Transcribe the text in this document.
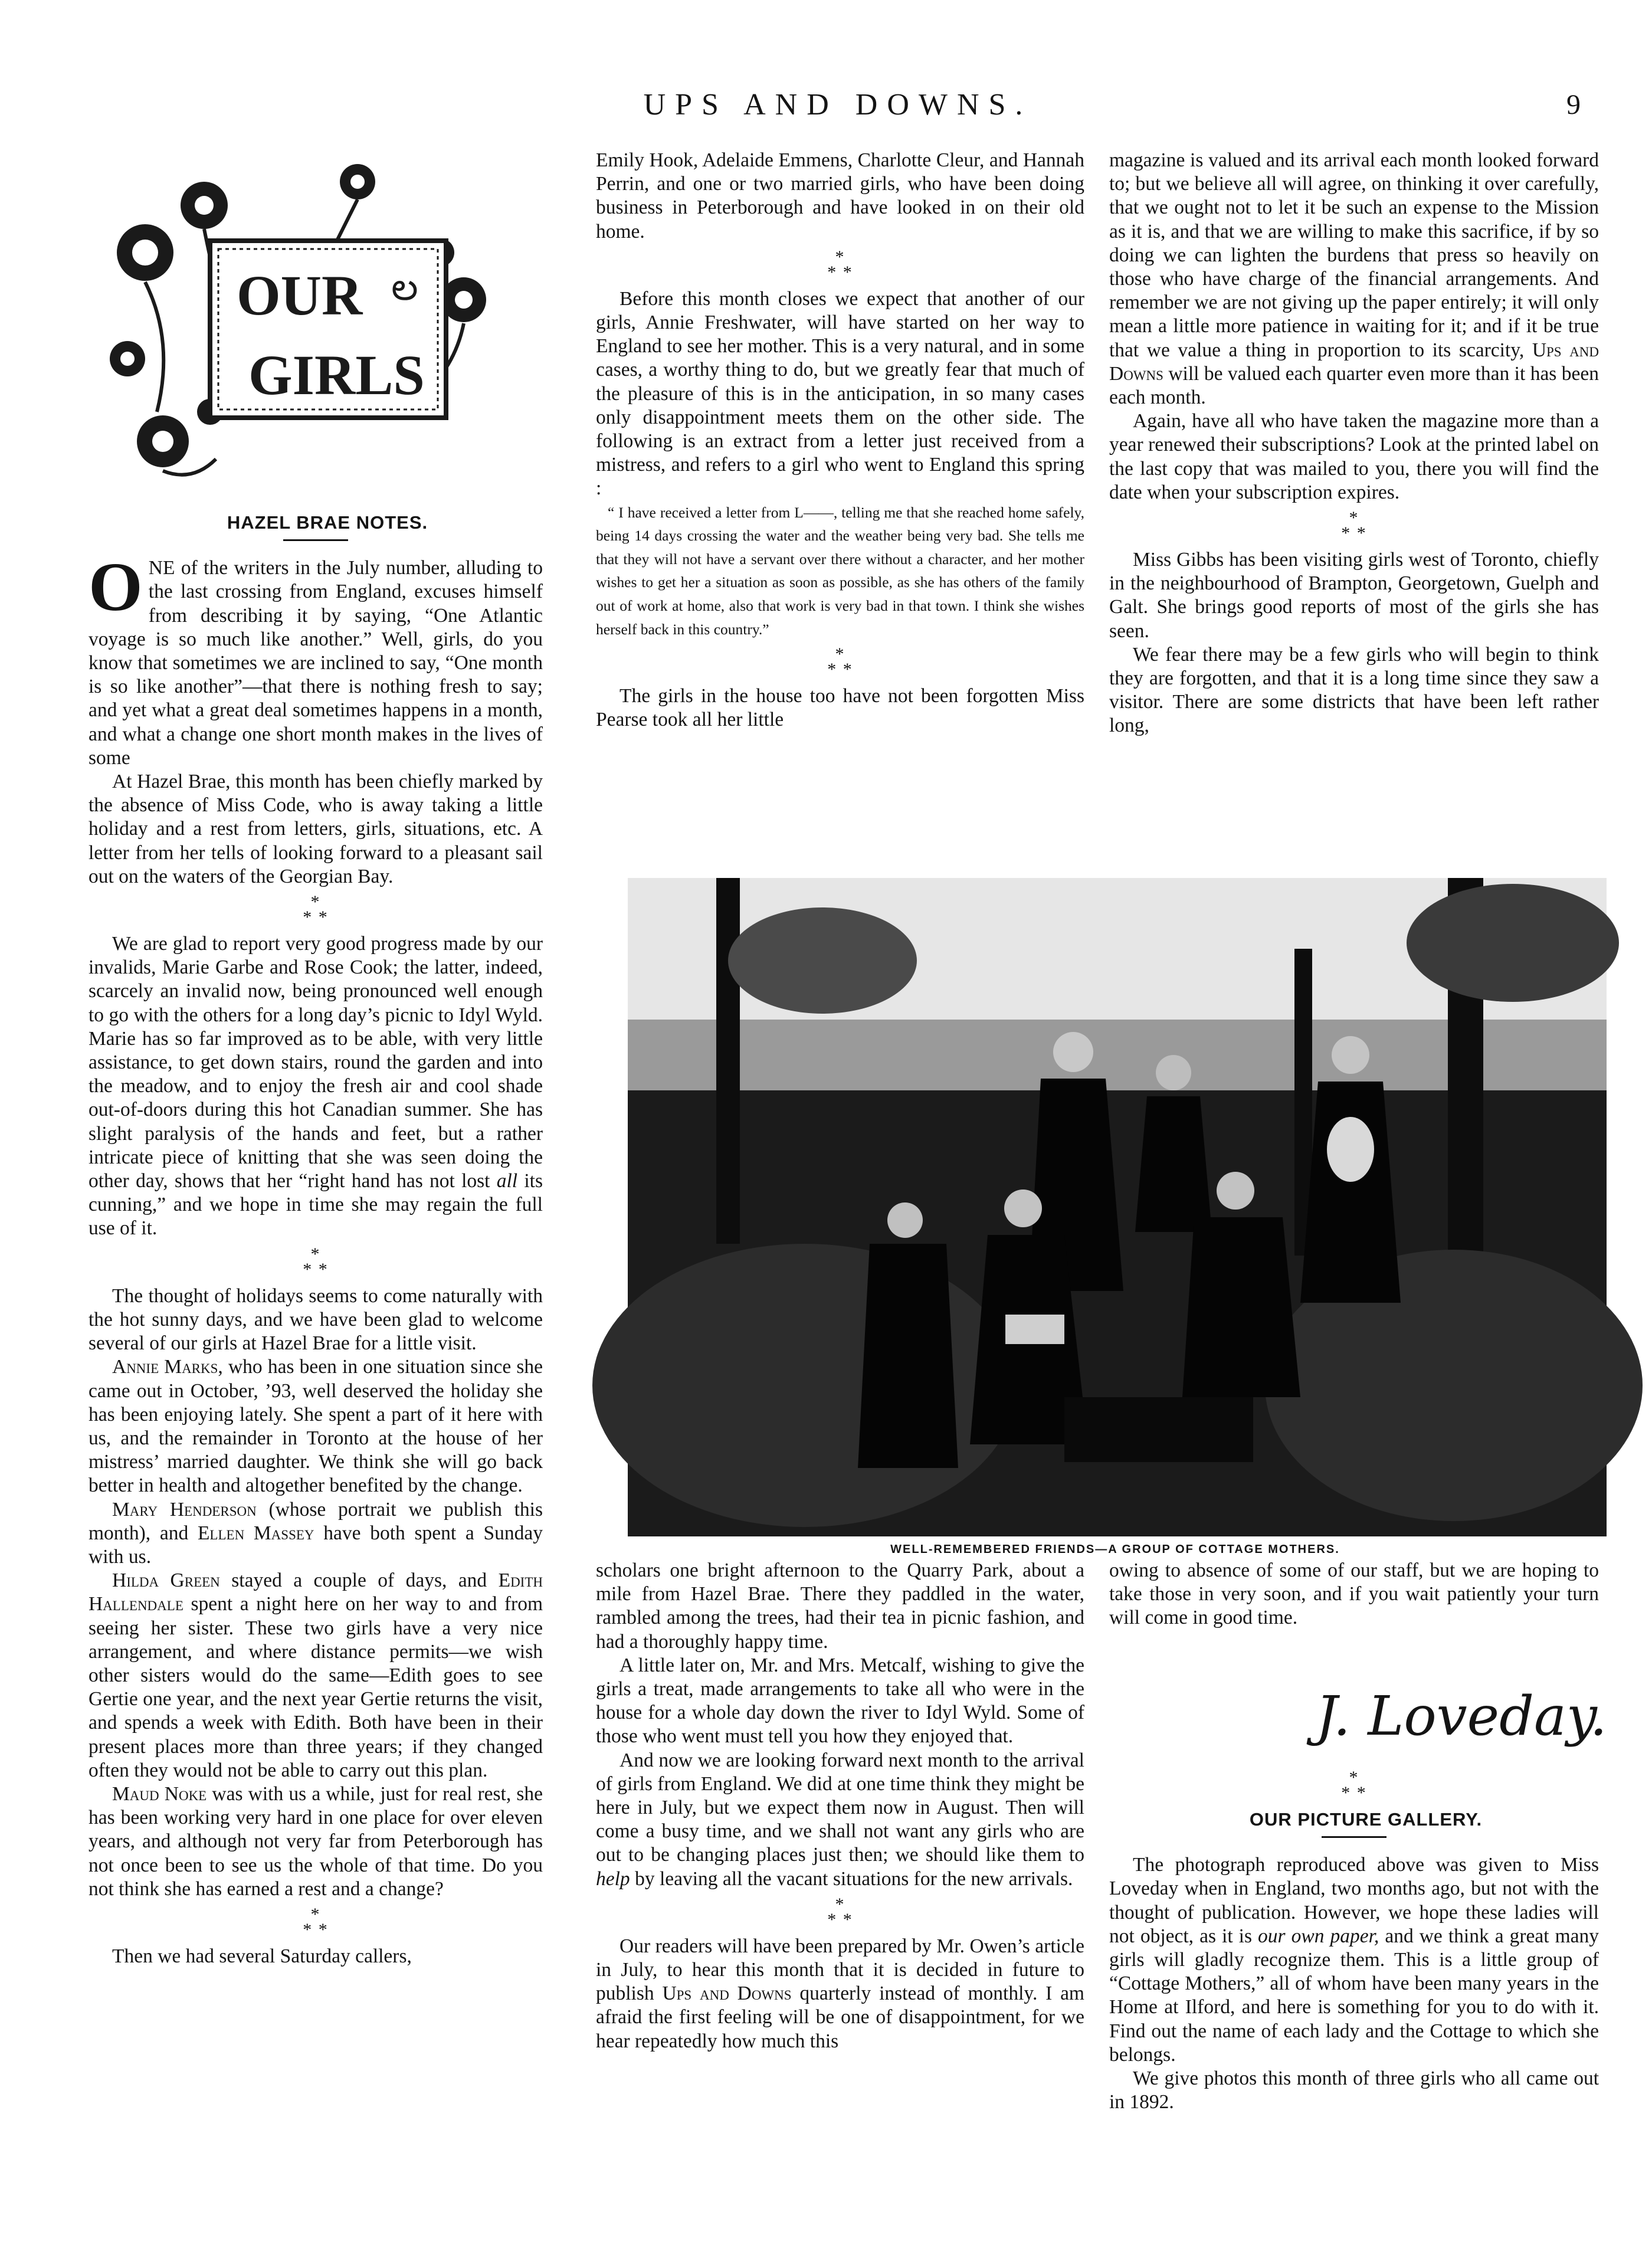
UPS AND DOWNS.	9
OUR ల
GIRLS

HAZEL BRAE NOTES.

ONE of the writers in the July number, alluding to the last crossing from England, excuses himself from describing it by saying, “One Atlantic voyage is so much like another.” Well, girls, do you know that sometimes we are inclined to say, “One month is so like another”—that there is nothing fresh to say; and yet what a great deal sometimes happens in a month, and what a change one short month makes in the lives of some

At Hazel Brae, this month has been chiefly marked by the absence of Miss Code, who is away taking a little holiday and a rest from letters, girls, situations, etc. A letter from her tells of looking forward to a pleasant sail out on the waters of the Georgian Bay.

*
* *

We are glad to report very good progress made by our invalids, Marie Garbe and Rose Cook; the latter, indeed, scarcely an invalid now, being pronounced well enough to go with the others for a long day’s picnic to Idyl Wyld. Marie has so far improved as to be able, with very little assistance, to get down stairs, round the garden and into the meadow, and to enjoy the fresh air and cool shade out-of-doors during this hot Canadian summer. She has slight paralysis of the hands and feet, but a rather intricate piece of knitting that she was seen doing the other day, shows that her “right hand has not lost all its cunning,” and we hope in time she may regain the full use of it.

*
* *

The thought of holidays seems to come naturally with the hot sunny days, and we have been glad to welcome several of our girls at Hazel Brae for a little visit.

Annie Marks, who has been in one situation since she came out in October, ’93, well deserved the holiday she has been enjoying lately. She spent a part of it here with us, and the remainder in Toronto at the house of her mistress’ married daughter. We think she will go back better in health and altogether benefited by the change.

Mary Henderson (whose portrait we publish this month), and Ellen Massey have both spent a Sunday with us.

Hilda Green stayed a couple of days, and Edith Hallendale spent a night here on her way to and from seeing her sister. These two girls have a very nice arrangement, and where distance permits—we wish other sisters would do the same—Edith goes to see Gertie one year, and the next year Gertie returns the visit, and spends a week with Edith. Both have been in their present places more than three years; if they changed often they would not be able to carry out this plan.

Maud Noke was with us a while, just for real rest, she has been working very hard in one place for over eleven years, and although not very far from Peterborough has not once been to see us the whole of that time. Do you not think she has earned a rest and a change?

*
* *

Then we had several Saturday callers,

Emily Hook, Adelaide Emmens, Charlotte Cleur, and Hannah Perrin, and one or two married girls, who have been doing business in Peterborough and have looked in on their old home.

*
* *

Before this month closes we expect that another of our girls, Annie Freshwater, will have started on her way to England to see her mother. This is a very natural, and in some cases, a worthy thing to do, but we greatly fear that much of the pleasure of this is in the anticipation, in so many cases only disappointment meets them on the other side. The following is an extract from a letter just received from a mistress, and refers to a girl who went to England this spring :

“ I have received a letter from L——, telling me that she reached home safely, being 14 days crossing the water and the weather being very bad. She tells me that they will not have a servant over there without a character, and her mother wishes to get her a situation as soon as possible, as she has others of the family out of work at home, also that work is very bad in that town. I think she wishes herself back in this country.”

*
* *

The girls in the house too have not been forgotten Miss Pearse took all her little

magazine is valued and its arrival each month looked forward to; but we believe all will agree, on thinking it over carefully, that we ought not to let it be such an expense to the Mission as it is, and that we are willing to make this sacrifice, if by so doing we can lighten the burdens that press so heavily on those who have charge of the financial arrangements. And remember we are not giving up the paper entirely; it will only mean a little more patience in waiting for it; and if it be true that we value a thing in proportion to its scarcity, Ups and Downs will be valued each quarter even more than it has been each month.

Again, have all who have taken the magazine more than a year renewed their subscriptions? Look at the printed label on the last copy that was mailed to you, there you will find the date when your subscription expires.

*
* *

Miss Gibbs has been visiting girls west of Toronto, chiefly in the neighbourhood of Brampton, Georgetown, Guelph and Galt. She brings good reports of most of the girls she has seen.

We fear there may be a few girls who will begin to think they are forgotten, and that it is a long time since they saw a visitor. There are some districts that have been left rather long,

WELL-REMEMBERED FRIENDS—A GROUP OF COTTAGE MOTHERS.

scholars one bright afternoon to the Quarry Park, about a mile from Hazel Brae. There they paddled in the water, rambled among the trees, had their tea in picnic fashion, and had a thoroughly happy time.

A little later on, Mr. and Mrs. Metcalf, wishing to give the girls a treat, made arrangements to take all who were in the house for a whole day down the river to Idyl Wyld. Some of those who went must tell you how they enjoyed that.

And now we are looking forward next month to the arrival of girls from England. We did at one time think they might be here in July, but we expect them now in August. Then will come a busy time, and we shall not want any girls who are out to be changing places just then; we should like them to help by leaving all the vacant situations for the new arrivals.

*
* *

Our readers will have been prepared by Mr. Owen’s article in July, to hear this month that it is decided in future to publish Ups and Downs quarterly instead of monthly. I am afraid the first feeling will be one of disappointment, for we hear repeatedly how much this

owing to absence of some of our staff, but we are hoping to take those in very soon, and if you wait patiently your turn will come in good time.

J. Loveday.
*
* *

OUR PICTURE GALLERY.

The photograph reproduced above was given to Miss Loveday when in England, two months ago, but not with the thought of publication. However, we hope these ladies will not object, as it is our own paper, and we think a great many girls will gladly recognize them. This is a little group of “Cottage Mothers,” all of whom have been many years in the Home at Ilford, and here is something for you to do with it. Find out the name of each lady and the Cottage to which she belongs.

We give photos this month of three girls who all came out in 1892.
